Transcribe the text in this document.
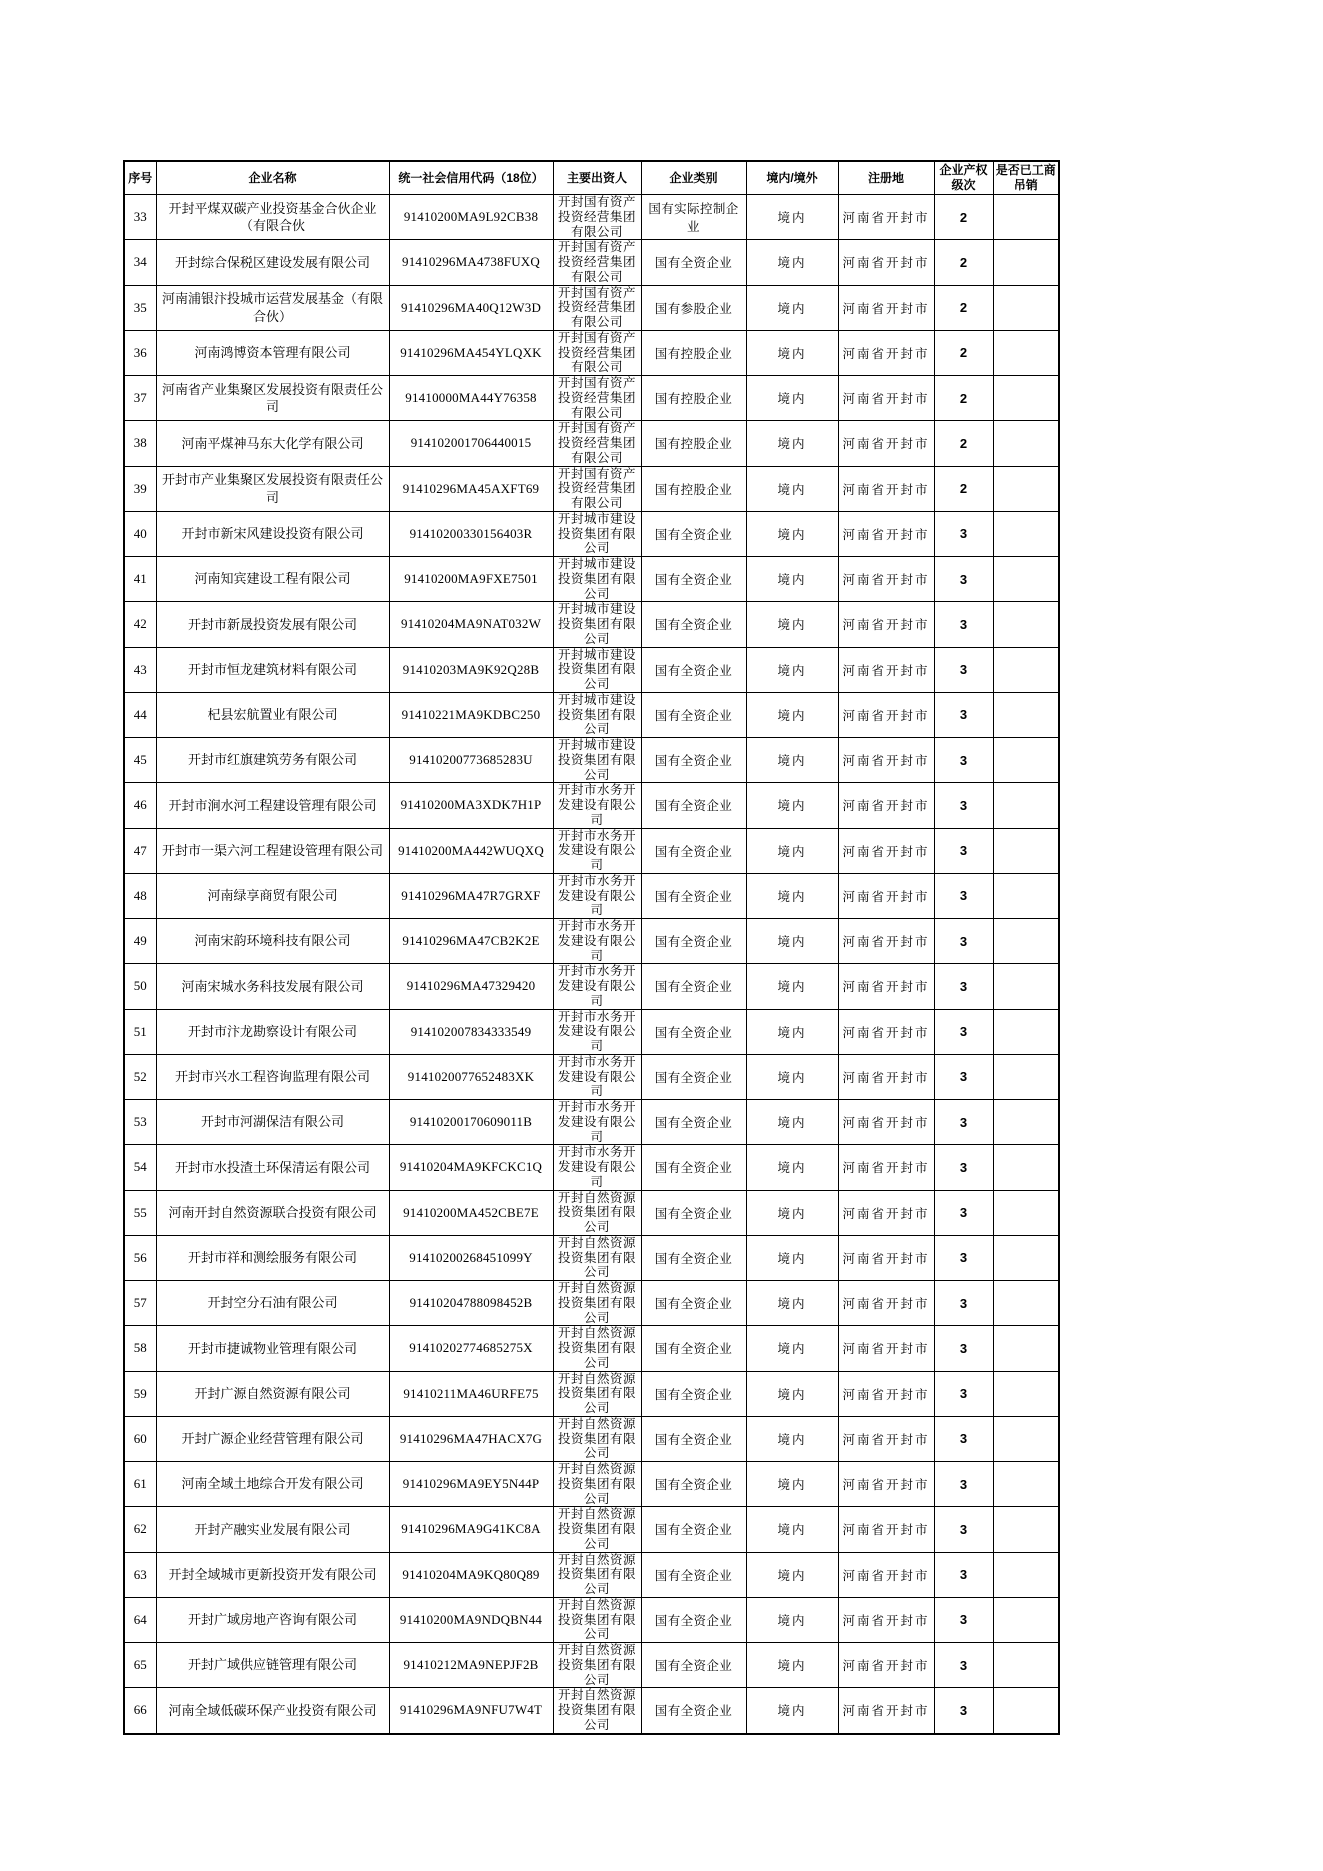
序号	企业名称	统一社会信用代码（18位）	主要出资人	企业类别	境内/境外	注册地	企业产权级次	是否已工商吊销
33	开封平煤双碳产业投资基金合伙企业（有限合伙	91410200MA9L92CB38	开封国有资产投资经营集团有限公司	国有实际控制企业	境内	河南省开封市	2	
34	开封综合保税区建设发展有限公司	91410296MA4738FUXQ	开封国有资产投资经营集团有限公司	国有全资企业	境内	河南省开封市	2	
35	河南浦银汴投城市运营发展基金（有限合伙）	91410296MA40Q12W3D	开封国有资产投资经营集团有限公司	国有参股企业	境内	河南省开封市	2	
36	河南鸿博资本管理有限公司	91410296MA454YLQXK	开封国有资产投资经营集团有限公司	国有控股企业	境内	河南省开封市	2	
37	河南省产业集聚区发展投资有限责任公司	91410000MA44Y76358	开封国有资产投资经营集团有限公司	国有控股企业	境内	河南省开封市	2	
38	河南平煤神马东大化学有限公司	914102001706440015	开封国有资产投资经营集团有限公司	国有控股企业	境内	河南省开封市	2	
39	开封市产业集聚区发展投资有限责任公司	91410296MA45AXFT69	开封国有资产投资经营集团有限公司	国有控股企业	境内	河南省开封市	2	
40	开封市新宋风建设投资有限公司	91410200330156403R	开封城市建设投资集团有限公司	国有全资企业	境内	河南省开封市	3	
41	河南知宾建设工程有限公司	91410200MA9FXE7501	开封城市建设投资集团有限公司	国有全资企业	境内	河南省开封市	3	
42	开封市新晟投资发展有限公司	91410204MA9NAT032W	开封城市建设投资集团有限公司	国有全资企业	境内	河南省开封市	3	
43	开封市恒龙建筑材料有限公司	91410203MA9K92Q28B	开封城市建设投资集团有限公司	国有全资企业	境内	河南省开封市	3	
44	杞县宏航置业有限公司	91410221MA9KDBC250	开封城市建设投资集团有限公司	国有全资企业	境内	河南省开封市	3	
45	开封市红旗建筑劳务有限公司	91410200773685283U	开封城市建设投资集团有限公司	国有全资企业	境内	河南省开封市	3	
46	开封市涧水河工程建设管理有限公司	91410200MA3XDK7H1P	开封市水务开发建设有限公司	国有全资企业	境内	河南省开封市	3	
47	开封市一渠六河工程建设管理有限公司	91410200MA442WUQXQ	开封市水务开发建设有限公司	国有全资企业	境内	河南省开封市	3	
48	河南绿享商贸有限公司	91410296MA47R7GRXF	开封市水务开发建设有限公司	国有全资企业	境内	河南省开封市	3	
49	河南宋韵环境科技有限公司	91410296MA47CB2K2E	开封市水务开发建设有限公司	国有全资企业	境内	河南省开封市	3	
50	河南宋城水务科技发展有限公司	91410296MA47329420	开封市水务开发建设有限公司	国有全资企业	境内	河南省开封市	3	
51	开封市汴龙勘察设计有限公司	914102007834333549	开封市水务开发建设有限公司	国有全资企业	境内	河南省开封市	3	
52	开封市兴水工程咨询监理有限公司	9141020077652483XK	开封市水务开发建设有限公司	国有全资企业	境内	河南省开封市	3	
53	开封市河湖保洁有限公司	91410200170609011B	开封市水务开发建设有限公司	国有全资企业	境内	河南省开封市	3	
54	开封市水投渣土环保清运有限公司	91410204MA9KFCKC1Q	开封市水务开发建设有限公司	国有全资企业	境内	河南省开封市	3	
55	河南开封自然资源联合投资有限公司	91410200MA452CBE7E	开封自然资源投资集团有限公司	国有全资企业	境内	河南省开封市	3	
56	开封市祥和测绘服务有限公司	91410200268451099Y	开封自然资源投资集团有限公司	国有全资企业	境内	河南省开封市	3	
57	开封空分石油有限公司	91410204788098452B	开封自然资源投资集团有限公司	国有全资企业	境内	河南省开封市	3	
58	开封市捷诚物业管理有限公司	91410202774685275X	开封自然资源投资集团有限公司	国有全资企业	境内	河南省开封市	3	
59	开封广源自然资源有限公司	91410211MA46URFE75	开封自然资源投资集团有限公司	国有全资企业	境内	河南省开封市	3	
60	开封广源企业经营管理有限公司	91410296MA47HACX7G	开封自然资源投资集团有限公司	国有全资企业	境内	河南省开封市	3	
61	河南全域土地综合开发有限公司	91410296MA9EY5N44P	开封自然资源投资集团有限公司	国有全资企业	境内	河南省开封市	3	
62	开封产融实业发展有限公司	91410296MA9G41KC8A	开封自然资源投资集团有限公司	国有全资企业	境内	河南省开封市	3	
63	开封全域城市更新投资开发有限公司	91410204MA9KQ80Q89	开封自然资源投资集团有限公司	国有全资企业	境内	河南省开封市	3	
64	开封广域房地产咨询有限公司	91410200MA9NDQBN44	开封自然资源投资集团有限公司	国有全资企业	境内	河南省开封市	3	
65	开封广域供应链管理有限公司	91410212MA9NEPJF2B	开封自然资源投资集团有限公司	国有全资企业	境内	河南省开封市	3	
66	河南全域低碳环保产业投资有限公司	91410296MA9NFU7W4T	开封自然资源投资集团有限公司	国有全资企业	境内	河南省开封市	3	
